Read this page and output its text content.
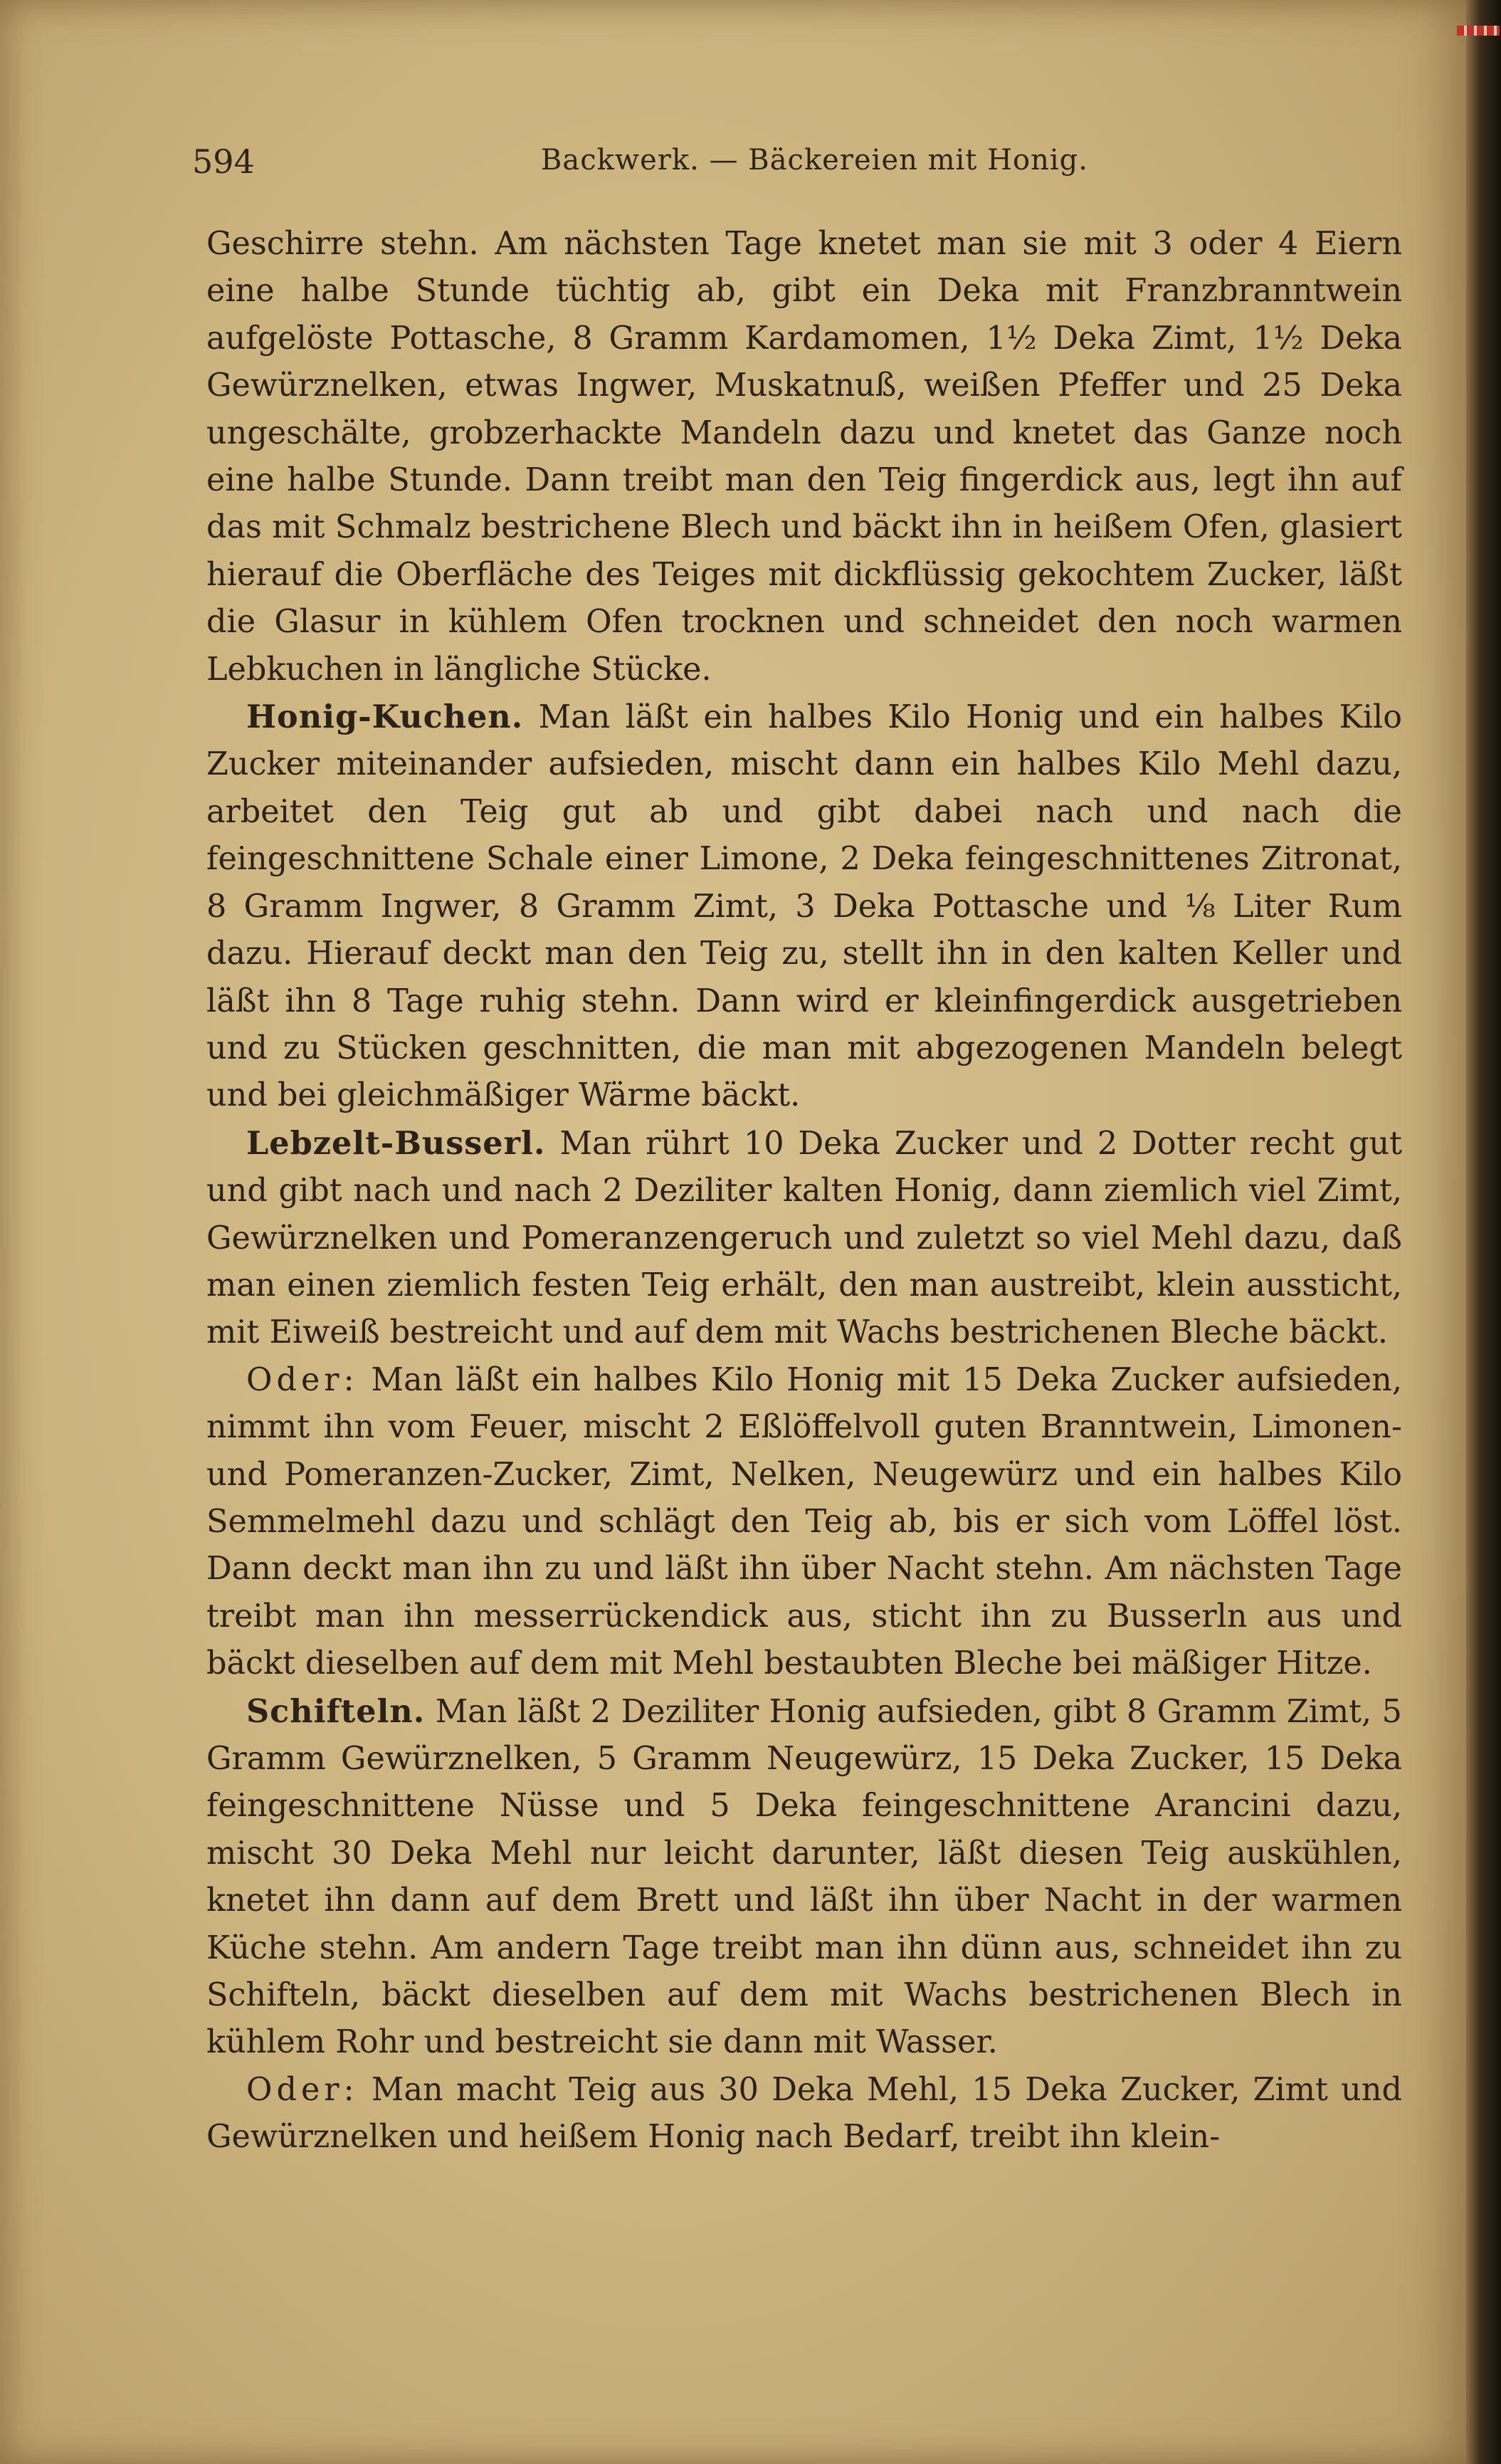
594	Backwerk. — Bäckereien mit Honig.

Geschirre stehn. Am nächsten Tage knetet man sie mit 3 oder 4 Eiern eine halbe Stunde tüchtig ab, gibt ein Deka mit Franzbranntwein aufgelöste Pottasche, 8 Gramm Kardamomen, 1½ Deka Zimt, 1½ Deka Gewürznelken, etwas Ingwer, Muskatnuß, weißen Pfeffer und 25 Deka ungeschälte, grobzerhackte Mandeln dazu und knetet das Ganze noch eine halbe Stunde. Dann treibt man den Teig fingerdick aus, legt ihn auf das mit Schmalz bestrichene Blech und bäckt ihn in heißem Ofen, glasiert hierauf die Oberfläche des Teiges mit dickflüssig gekochtem Zucker, läßt die Glasur in kühlem Ofen trocknen und schneidet den noch warmen Lebkuchen in längliche Stücke.

Honig-Kuchen. Man läßt ein halbes Kilo Honig und ein halbes Kilo Zucker miteinander aufsieden, mischt dann ein halbes Kilo Mehl dazu, arbeitet den Teig gut ab und gibt dabei nach und nach die feingeschnittene Schale einer Limone, 2 Deka feingeschnittenes Zitronat, 8 Gramm Ingwer, 8 Gramm Zimt, 3 Deka Pottasche und ⅛ Liter Rum dazu. Hierauf deckt man den Teig zu, stellt ihn in den kalten Keller und läßt ihn 8 Tage ruhig stehn. Dann wird er kleinfingerdick ausgetrieben und zu Stücken geschnitten, die man mit abgezogenen Mandeln belegt und bei gleichmäßiger Wärme bäckt.

Lebzelt-Busserl. Man rührt 10 Deka Zucker und 2 Dotter recht gut und gibt nach und nach 2 Deziliter kalten Honig, dann ziemlich viel Zimt, Gewürznelken und Pomeranzengeruch und zuletzt so viel Mehl dazu, daß man einen ziemlich festen Teig erhält, den man austreibt, klein aussticht, mit Eiweiß bestreicht und auf dem mit Wachs bestrichenen Bleche bäckt.

Oder: Man läßt ein halbes Kilo Honig mit 15 Deka Zucker aufsieden, nimmt ihn vom Feuer, mischt 2 Eßlöffelvoll guten Branntwein, Limonen- und Pomeranzen-Zucker, Zimt, Nelken, Neugewürz und ein halbes Kilo Semmelmehl dazu und schlägt den Teig ab, bis er sich vom Löffel löst. Dann deckt man ihn zu und läßt ihn über Nacht stehn. Am nächsten Tage treibt man ihn messerrückendick aus, sticht ihn zu Busserln aus und bäckt dieselben auf dem mit Mehl bestaubten Bleche bei mäßiger Hitze.

Schifteln. Man läßt 2 Deziliter Honig aufsieden, gibt 8 Gramm Zimt, 5 Gramm Gewürznelken, 5 Gramm Neugewürz, 15 Deka Zucker, 15 Deka feingeschnittene Nüsse und 5 Deka feingeschnittene Arancini dazu, mischt 30 Deka Mehl nur leicht darunter, läßt diesen Teig auskühlen, knetet ihn dann auf dem Brett und läßt ihn über Nacht in der warmen Küche stehn. Am andern Tage treibt man ihn dünn aus, schneidet ihn zu Schifteln, bäckt dieselben auf dem mit Wachs bestrichenen Blech in kühlem Rohr und bestreicht sie dann mit Wasser.

Oder: Man macht Teig aus 30 Deka Mehl, 15 Deka Zucker, Zimt und Gewürznelken und heißem Honig nach Bedarf, treibt ihn klein-
